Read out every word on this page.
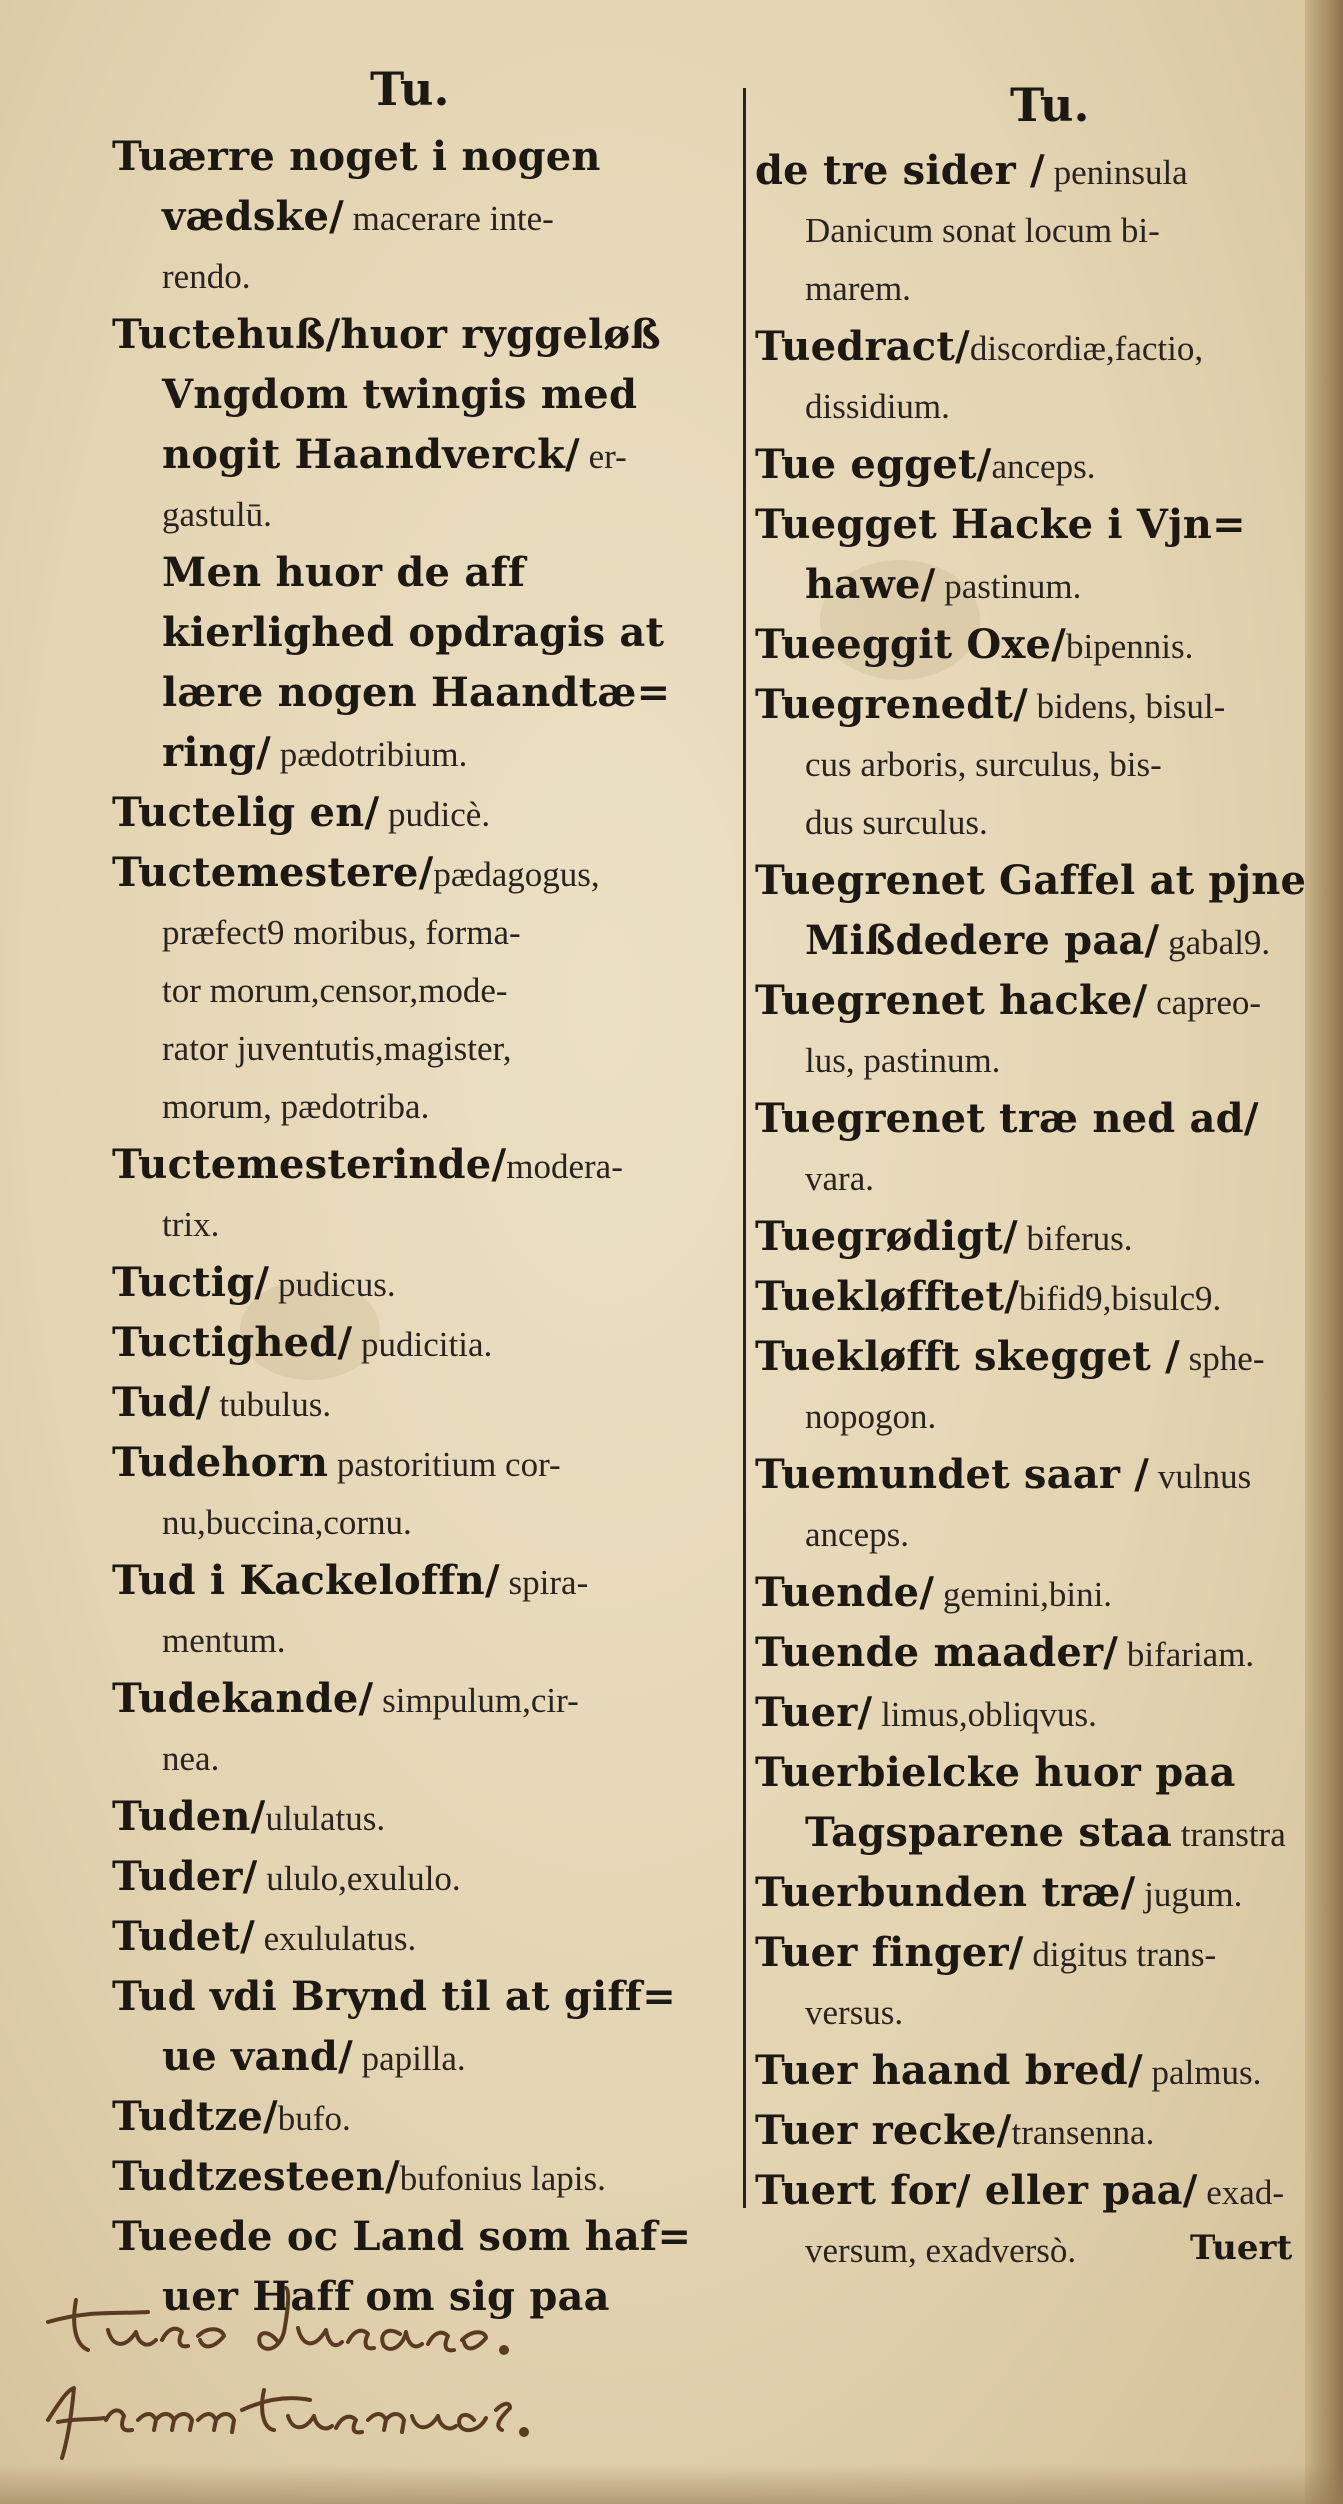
Tu.	Tu.
Tuærre noget i nogen
vædske/ macerare inte-
rendo.
Tuctehuß/huor ryggeløß
Vngdom twingis med
nogit Haandverck/ er-
gastulū.
Men huor de aff
kierlighed opdragis at
lære nogen Haandtæ=
ring/ pædotribium.
Tuctelig en/ pudicè.
Tuctemestere/pædagogus,
præfect9 moribus, forma-
tor morum,censor,mode-
rator juventutis,magister,
morum, pædotriba.
Tuctemesterinde/modera-
trix.
Tuctig/ pudicus.
Tuctighed/ pudicitia.
Tud/ tubulus.
Tudehorn pastoritium cor-
nu,buccina,cornu.
Tud i Kackeloffn/ spira-
mentum.
Tudekande/ simpulum,cir-
nea.
Tuden/ululatus.
Tuder/ ululo,exululo.
Tudet/ exululatus.
Tud vdi Brynd til at giff=
ue vand/ papilla.
Tudtze/bufo.
Tudtzesteen/bufonius lapis.
Tueede oc Land som haf=
uer Haff om sig paa
de tre sider / peninsula
Danicum sonat locum bi-
marem.
Tuedract/discordiæ,factio,
dissidium.
Tue egget/anceps.
Tuegget Hacke i Vjn=
hawe/ pastinum.
Tueeggit Oxe/bipennis.
Tuegrenedt/ bidens, bisul-
cus arboris, surculus, bis-
dus surculus.
Tuegrenet Gaffel at pjne
Mißdedere paa/ gabal9.
Tuegrenet hacke/ capreo-
lus, pastinum.
Tuegrenet træ ned ad/
vara.
Tuegrødigt/ biferus.
Tuekløfftet/bifid9,bisulc9.
Tuekløfft skegget / sphe-
nopogon.
Tuemundet saar / vulnus
anceps.
Tuende/ gemini,bini.
Tuende maader/ bifariam.
Tuer/ limus,obliqvus.
Tuerbielcke huor paa
Tagsparene staa transtra
Tuerbunden træ/ jugum.
Tuer finger/ digitus trans-
versus.
Tuer haand bred/ palmus.
Tuer recke/transenna.
Tuert for/ eller paa/ exad-
versum, exadversò.	Tuert
